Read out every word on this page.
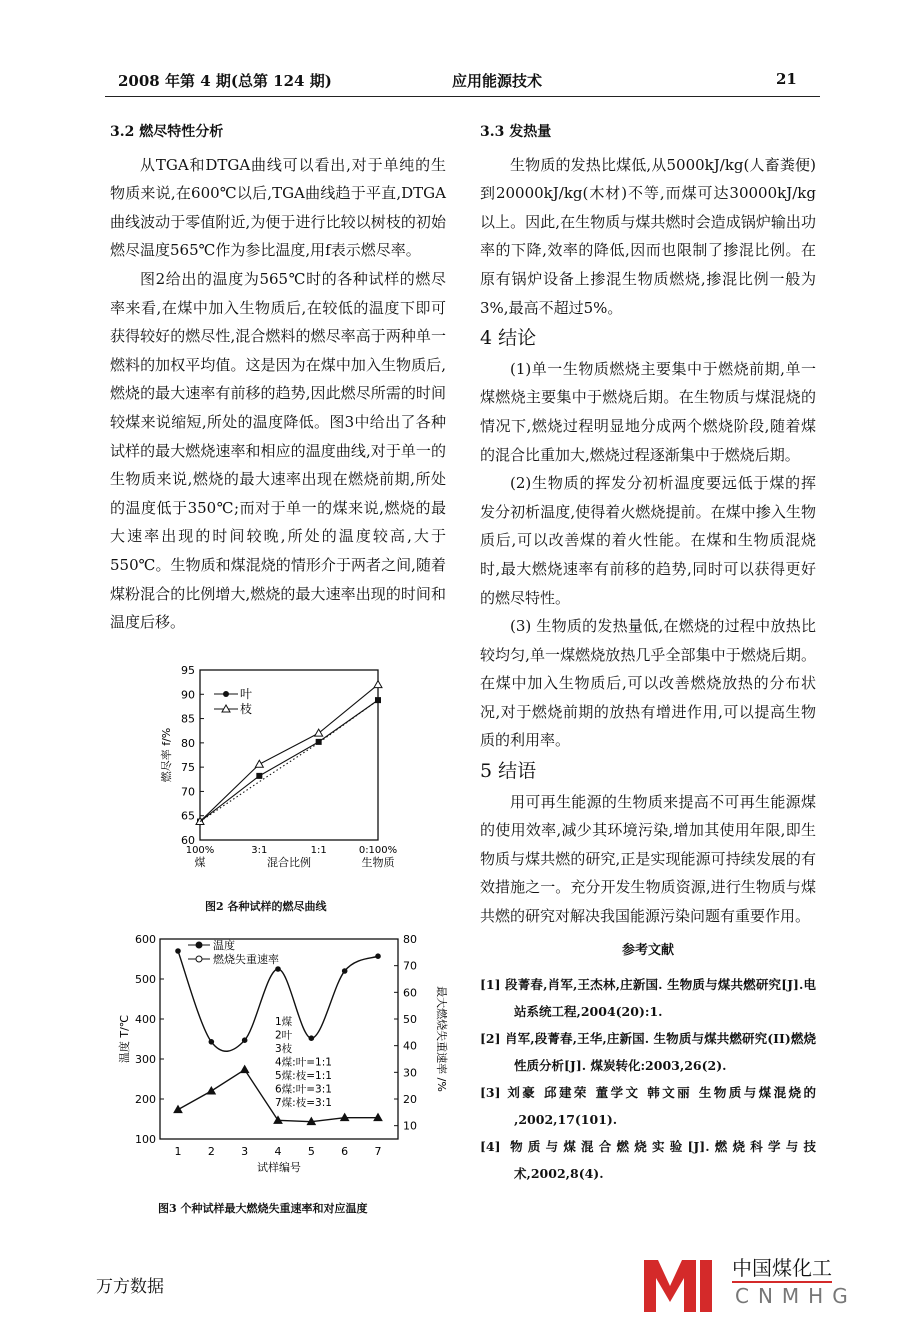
2008 年第 4 期(总第 124 期)	应用能源技术	21
3.2 燃尽特性分析

从TGA和DTGA曲线可以看出,对于单纯的生物质来说,在600℃以后,TGA曲线趋于平直,DTGA曲线波动于零值附近,为便于进行比较以树枝的初始燃尽温度565℃作为参比温度,用f表示燃尽率。

图2给出的温度为565℃时的各种试样的燃尽率来看,在煤中加入生物质后,在较低的温度下即可获得较好的燃尽性,混合燃料的燃尽率高于两种单一燃料的加权平均值。这是因为在煤中加入生物质后,燃烧的最大速率有前移的趋势,因此燃尽所需的时间较煤来说缩短,所处的温度降低。图3中给出了各种试样的最大燃烧速率和相应的温度曲线,对于单一的生物质来说,燃烧的最大速率出现在燃烧前期,所处的温度低于350℃;而对于单一的煤来说,燃烧的最大速率出现的时间较晚,所处的温度较高,大于550℃。生物质和煤混烧的情形介于两者之间,随着煤粉混合的比例增大,燃烧的最大速率出现的时间和温度后移。

60
65
70
75
80
85
90
95
100%
煤
3:1	1:1	0:100%
生物质
混合比例
燃尽率 f/%
叶
枝
图2 各种试样的燃尽曲线
100
200
300
400
500
600
10
20
30
40
50
60
70
80
1 2 3 4 5 6 7
试样编号
温度 T/℃	最大燃烧失重速率 /%
温度
燃烧失重速率
1煤
2叶
3枝
4煤:叶=1:1
5煤:枝=1:1
6煤:叶=3:1
7煤:枝=3:1
图3 个种试样最大燃烧失重速率和对应温度
3.3 发热量

生物质的发热比煤低,从5000kJ/kg(人畜粪便)到20000kJ/kg(木材)不等,而煤可达30000kJ/kg以上。因此,在生物质与煤共燃时会造成锅炉输出功率的下降,效率的降低,因而也限制了掺混比例。在原有锅炉设备上掺混生物质燃烧,掺混比例一般为3%,最高不超过5%。

4 结论

(1)单一生物质燃烧主要集中于燃烧前期,单一煤燃烧主要集中于燃烧后期。在生物质与煤混烧的情况下,燃烧过程明显地分成两个燃烧阶段,随着煤的混合比重加大,燃烧过程逐渐集中于燃烧后期。

(2)生物质的挥发分初析温度要远低于煤的挥发分初析温度,使得着火燃烧提前。在煤中掺入生物质后,可以改善煤的着火性能。在煤和生物质混烧时,最大燃烧速率有前移的趋势,同时可以获得更好的燃尽特性。

(3) 生物质的发热量低,在燃烧的过程中放热比较均匀,单一煤燃烧放热几乎全部集中于燃烧后期。在煤中加入生物质后,可以改善燃烧放热的分布状况,对于燃烧前期的放热有增进作用,可以提高生物质的利用率。

5 结语

用可再生能源的生物质来提高不可再生能源煤的使用效率,减少其环境污染,增加其使用年限,即生物质与煤共燃的研究,正是实现能源可持续发展的有效措施之一。充分开发生物质资源,进行生物质与煤共燃的研究对解决我国能源污染问题有重要作用。

参考文献
[1] 段菁春,肖军,王杰林,庄新国. 生物质与煤共燃研究[J].电站系统工程,2004(20):1.
[2] 肖军,段菁春,王华,庄新国. 生物质与煤共燃研究(II)燃烧性质分析[J]. 煤炭转化:2003,26(2).
[3] 刘豪 邱建荣 董学文 韩文丽 生物质与煤混烧的 ,2002,17(101).
[4] 物质与煤混合燃烧实验[J].燃烧科学与技术,2002,8(4).
中国煤化工
CNMHG
万方数据
